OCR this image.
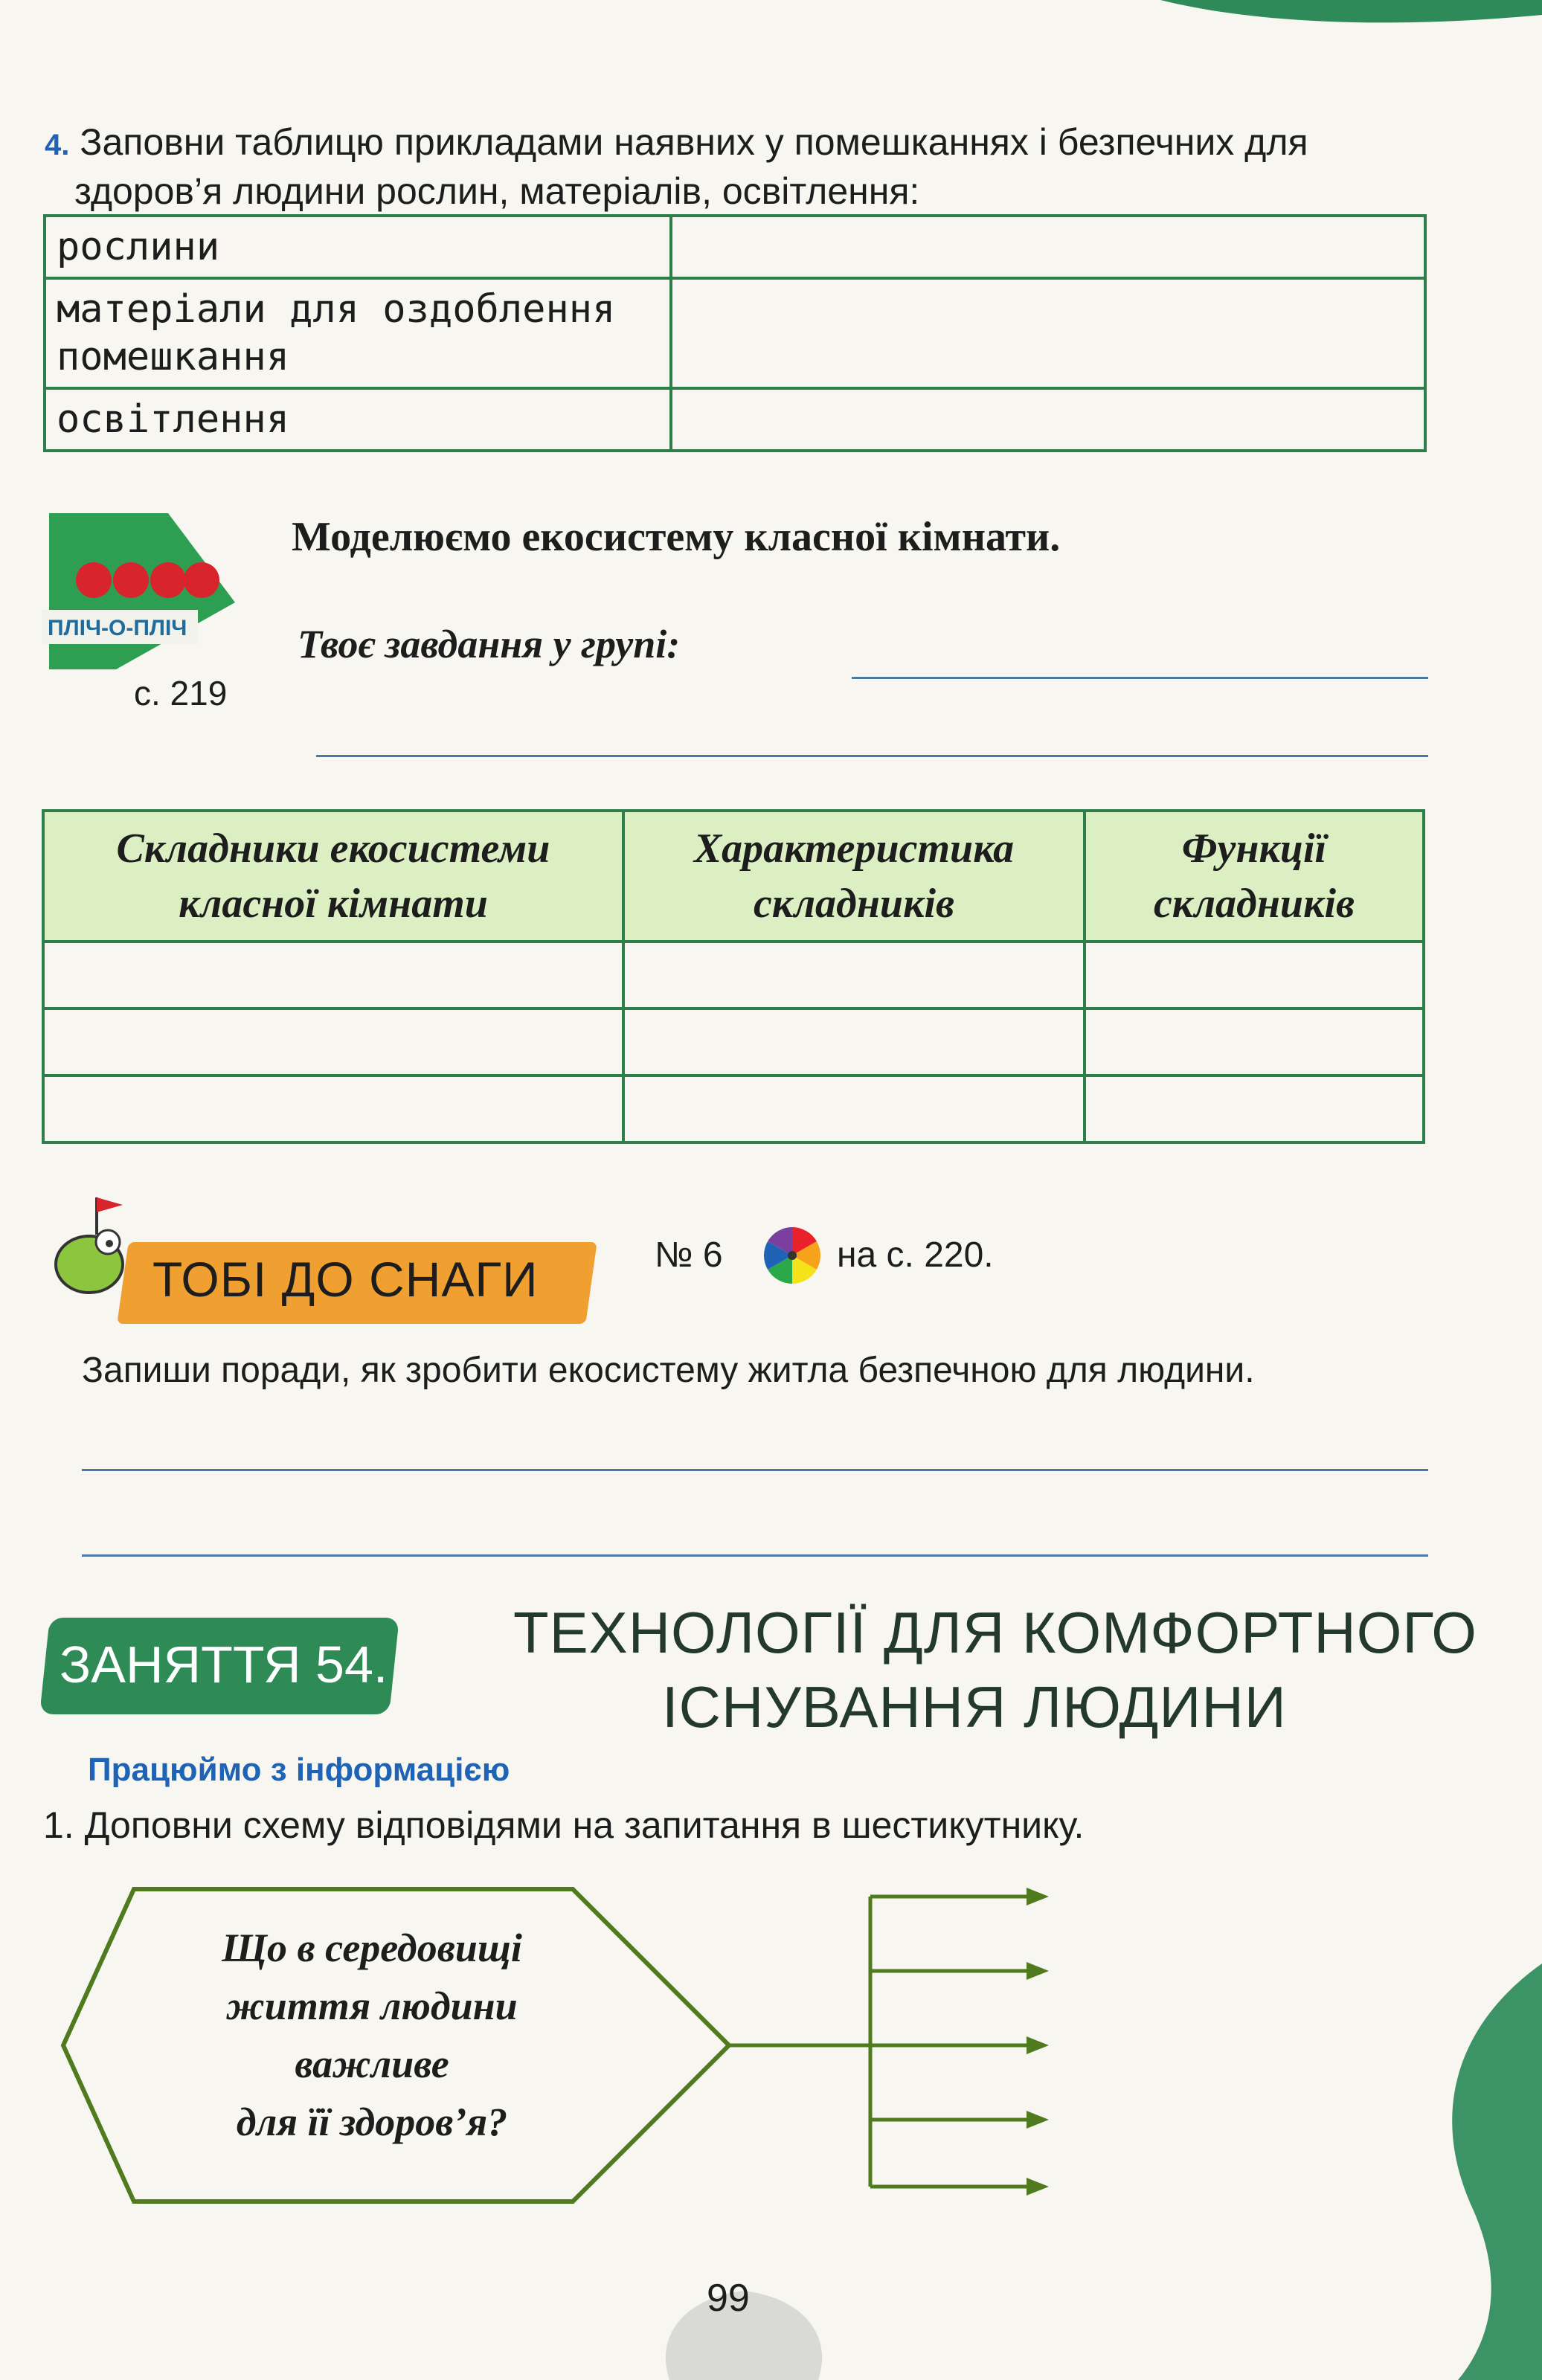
4. Заповни таблицю прикладами наявних у помешканнях і безпечних для
здоров’я людини рослин, матеріалів, освітлення:
рослини	
матеріали для оздоблення помешкання	
освітлення	
ПЛІЧ-О-ПЛІЧ
с. 219
Моделюємо екосистему класної кімнати.
Твоє завдання у групі:
Складники екосистеми класної кімнати	Характеристика складників	Функції складників

ТОБІ ДО СНАГИ	№ 6	на с. 220.
Запиши поради, як зробити екосистему житла безпечною для людини.
ЗАНЯТТЯ 54. ТЕХНОЛОГІЇ ДЛЯ КОМФОРТНОГО
ІСНУВАННЯ ЛЮДИНИ
Працюймо з інформацією
1. Доповни схему відповідями на запитання в шестикутнику.
Що в середовищі
життя людини
важливе
для її здоров’я?
99
